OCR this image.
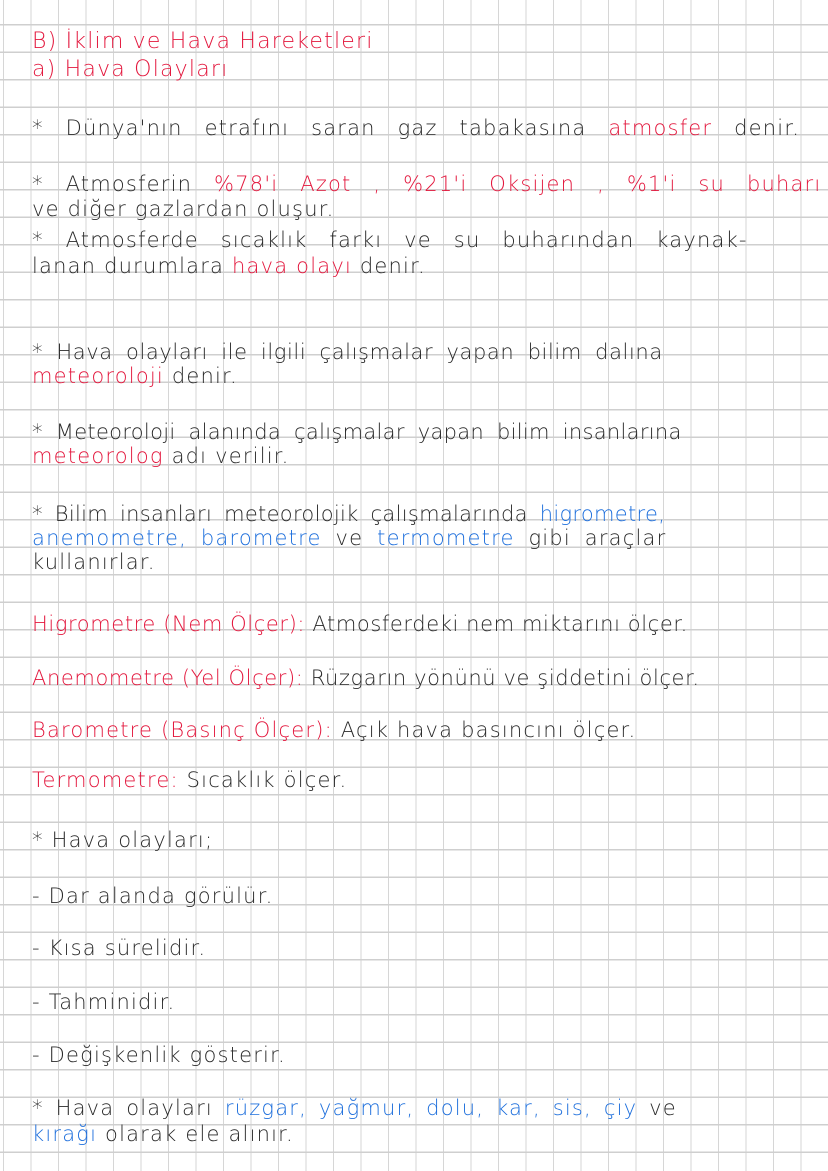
B) İklim ve Hava Hareketleri
a) Hava Olayları
* Dünya'nın etrafını saran gaz tabakasına atmosfer denir.
* Atmosferin %78'i Azot , %21'i Oksijen , %1'i su buharı
ve diğer gazlardan oluşur.
* Atmosferde sıcaklık farkı ve su buharından kaynak-
lanan durumlara hava olayı denir.
* Hava olayları ile ilgili çalışmalar yapan bilim dalına
meteoroloji denir.
* Meteoroloji alanında çalışmalar yapan bilim insanlarına
meteorolog adı verilir.
* Bilim insanları meteorolojik çalışmalarında higrometre,
anemometre, barometre ve termometre gibi araçlar
kullanırlar.
Higrometre (Nem Ölçer): Atmosferdeki nem miktarını ölçer.
Anemometre (Yel Ölçer): Rüzgarın yönünü ve şiddetini ölçer.
Barometre (Basınç Ölçer): Açık hava basıncını ölçer.
Termometre: Sıcaklık ölçer.
* Hava olayları;
- Dar alanda görülür.
- Kısa sürelidir.
- Tahminidir.
- Değişkenlik gösterir.
* Hava olayları rüzgar, yağmur, dolu, kar, sis, çiy ve
kırağı olarak ele alınır.
